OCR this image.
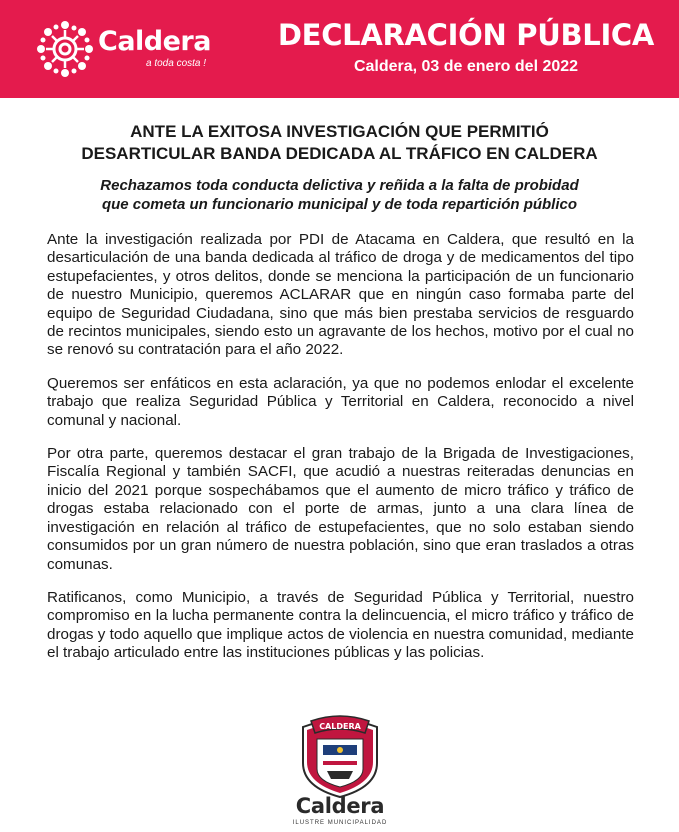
Caldera
a toda costa !
DECLARACIÓN PÚBLICA
Caldera, 03 de enero del 2022
ANTE LA EXITOSA INVESTIGACIÓN QUE PERMITIÓ
DESARTICULAR BANDA DEDICADA AL TRÁFICO EN CALDERA
Rechazamos toda conducta delictiva y reñida a la falta de probidad
que cometa un funcionario municipal y de toda repartición público

Ante la investigación realizada por PDI de Atacama en Caldera, que resultó en la desarticulación de una banda dedicada al tráfico de droga y de medicamentos del tipo estupefacientes, y otros delitos, donde se menciona la participación de un funcionario de nuestro Municipio, queremos ACLARAR que en ningún caso formaba parte del equipo de Seguridad Ciudadana, sino que más bien prestaba servicios de resguardo de recintos municipales, siendo esto un agravante de los hechos, motivo por el cual no se renovó su contratación para el año 2022.

Queremos ser enfáticos en esta aclaración, ya que no podemos enlodar el excelente trabajo que realiza Seguridad Pública y Territorial en Caldera, reconocido a nivel comunal y nacional.

Por otra parte, queremos destacar el gran trabajo de la Brigada de Investigaciones, Fiscalía Regional y también SACFI, que acudió a nuestras reiteradas denuncias en inicio del 2021 porque sospechábamos que el aumento de micro tráfico y tráfico de drogas estaba relacionado con el porte de armas, junto a una clara línea de investigación en relación al tráfico de estupefacientes, que no solo estaban siendo consumidos por un gran número de nuestra población, sino que eran traslados a otras comunas.

Ratificanos, como Municipio, a través de Seguridad Pública y Territorial, nuestro compromiso en la lucha permanente contra la delincuencia, el micro tráfico y tráfico de drogas y todo aquello que implique actos de violencia en nuestra comunidad, mediante el trabajo articulado entre las instituciones públicas y las policias.

CALDERA
Caldera
ILUSTRE MUNICIPALIDAD
